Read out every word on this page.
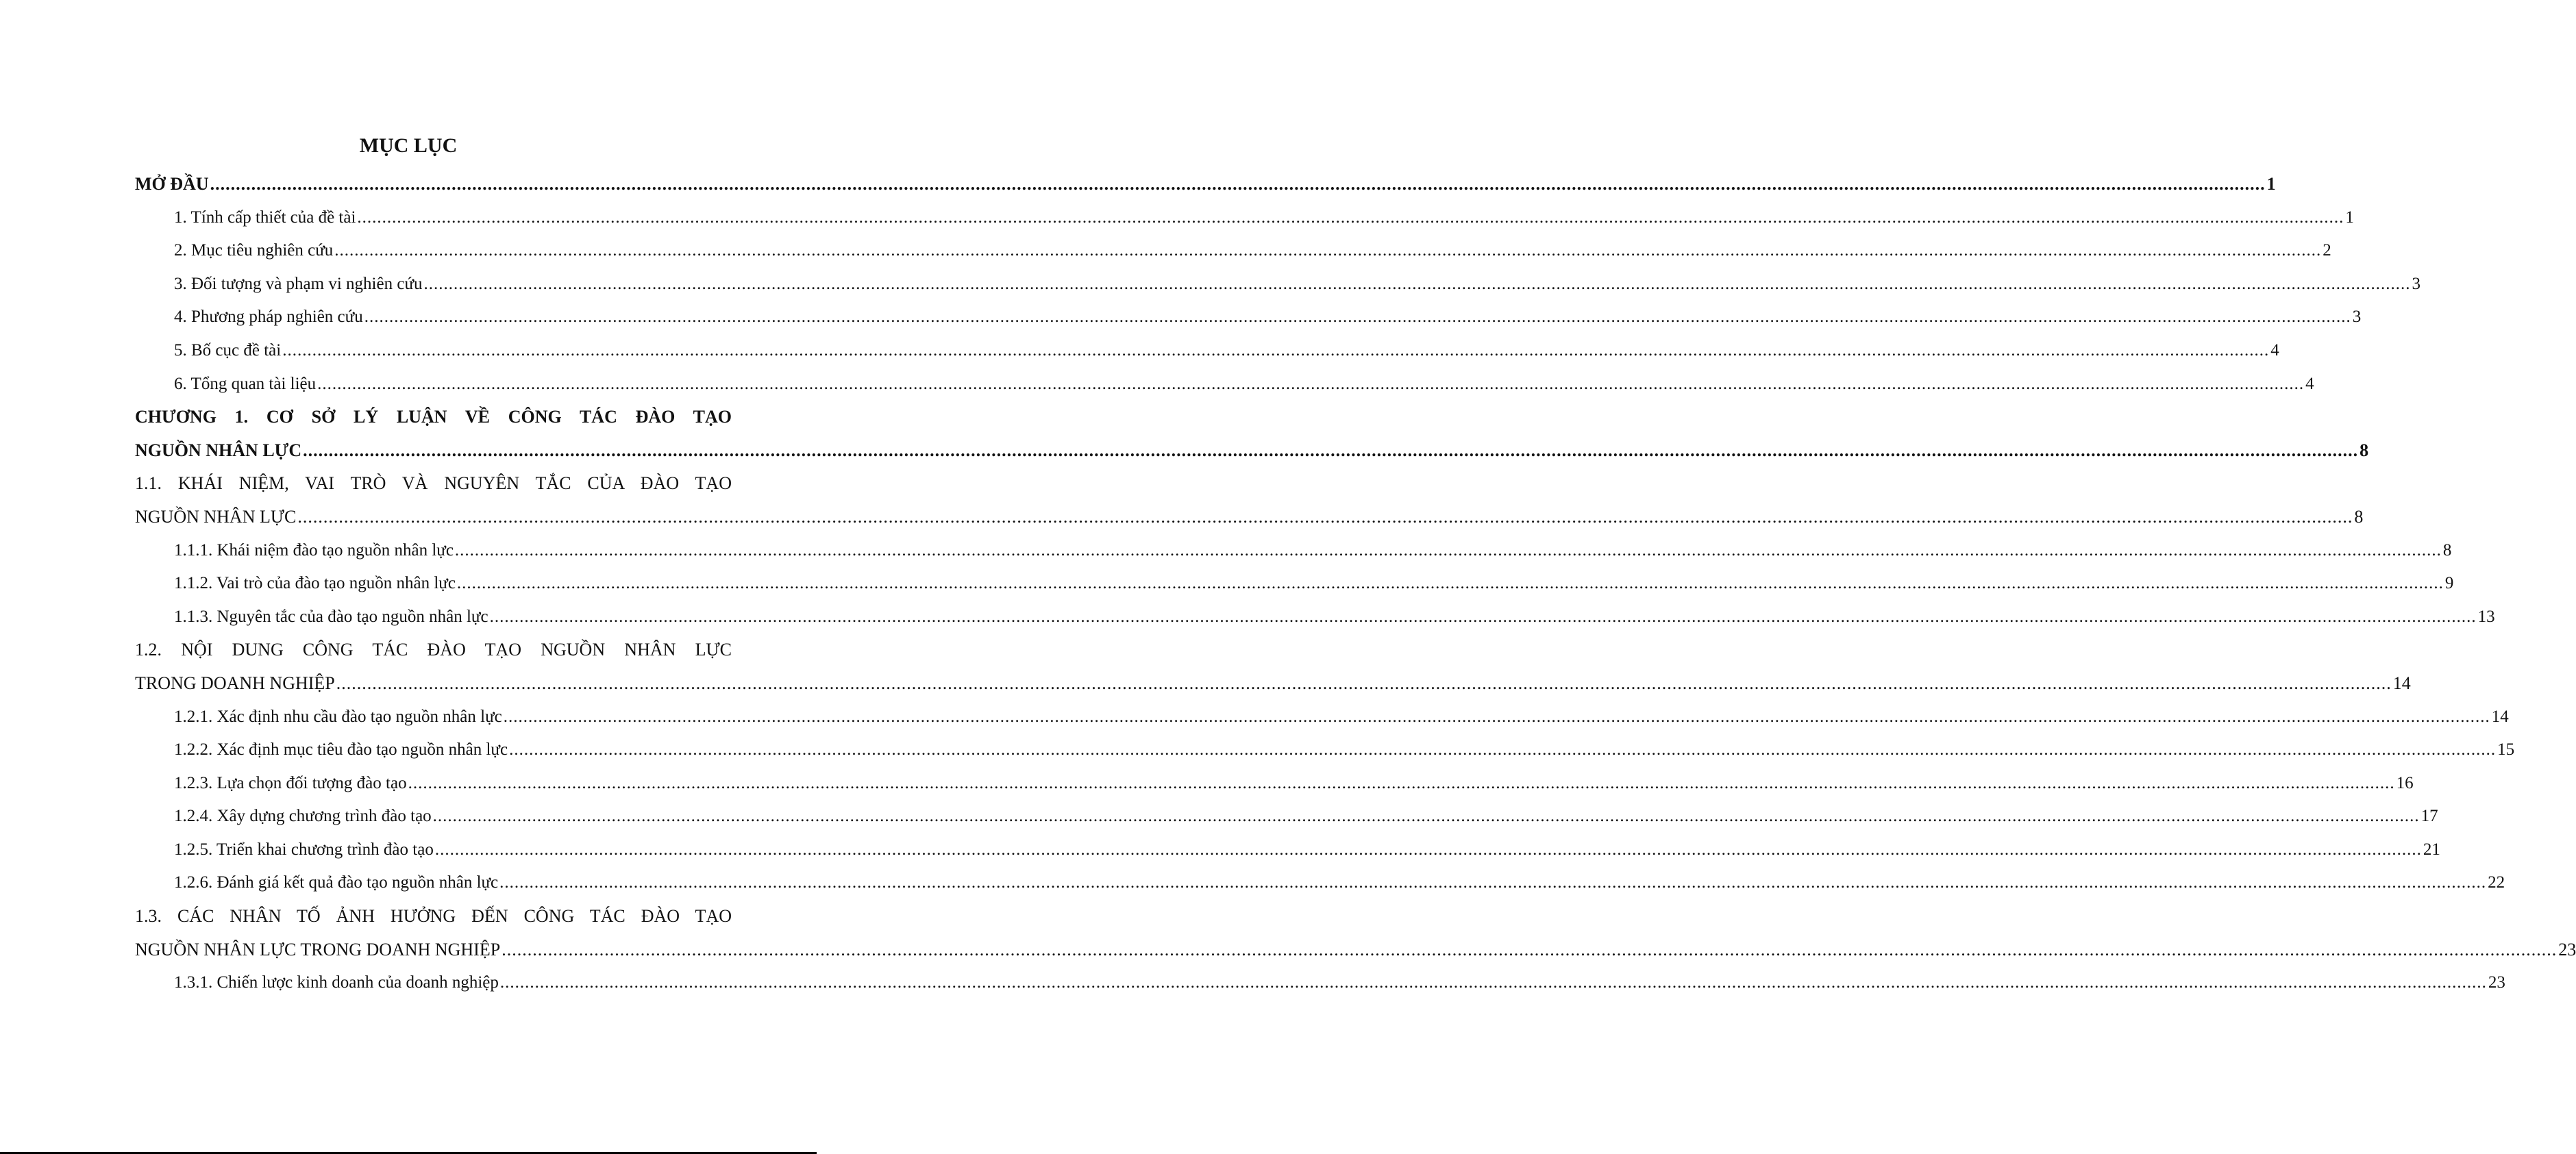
MỤC LỤC
MỞ ĐẦU ................................................................................................................................................................................................................................................................................................................................................................................................................ 1
1. Tính cấp thiết của đề tài ................................................................................................................................................................................................................................................................................................................................................................................................................ 1
2. Mục tiêu nghiên cứu ................................................................................................................................................................................................................................................................................................................................................................................................................ 2
3. Đối tượng và phạm vi nghiên cứu ................................................................................................................................................................................................................................................................................................................................................................................................................ 3
4. Phương pháp nghiên cứu ................................................................................................................................................................................................................................................................................................................................................................................................................ 3
5. Bố cục đề tài ................................................................................................................................................................................................................................................................................................................................................................................................................ 4
6. Tổng quan tài liệu ................................................................................................................................................................................................................................................................................................................................................................................................................ 4
CHƯƠNG 1. CƠ SỞ LÝ LUẬN VỀ CÔNG TÁC ĐÀO TẠO
NGUỒN NHÂN LỰC ................................................................................................................................................................................................................................................................................................................................................................................................................ 8
1.1. KHÁI NIỆM, VAI TRÒ VÀ NGUYÊN TẮC CỦA ĐÀO TẠO
NGUỒN NHÂN LỰC ................................................................................................................................................................................................................................................................................................................................................................................................................ 8
1.1.1. Khái niệm đào tạo nguồn nhân lực ................................................................................................................................................................................................................................................................................................................................................................................................................ 8
1.1.2. Vai trò của đào tạo nguồn nhân lực ................................................................................................................................................................................................................................................................................................................................................................................................................ 9
1.1.3. Nguyên tắc của đào tạo nguồn nhân lực ................................................................................................................................................................................................................................................................................................................................................................................................................ 13
1.2. NỘI DUNG CÔNG TÁC ĐÀO TẠO NGUỒN NHÂN LỰC
TRONG DOANH NGHIỆP ................................................................................................................................................................................................................................................................................................................................................................................................................ 14
1.2.1. Xác định nhu cầu đào tạo nguồn nhân lực ................................................................................................................................................................................................................................................................................................................................................................................................................ 14
1.2.2. Xác định mục tiêu đào tạo nguồn nhân lực ................................................................................................................................................................................................................................................................................................................................................................................................................ 15
1.2.3. Lựa chọn đối tượng đào tạo ................................................................................................................................................................................................................................................................................................................................................................................................................ 16
1.2.4. Xây dựng chương trình đào tạo ................................................................................................................................................................................................................................................................................................................................................................................................................ 17
1.2.5. Triển khai chương trình đào tạo ................................................................................................................................................................................................................................................................................................................................................................................................................ 21
1.2.6. Đánh giá kết quả đào tạo nguồn nhân lực ................................................................................................................................................................................................................................................................................................................................................................................................................ 22
1.3. CÁC NHÂN TỐ ẢNH HƯỞNG ĐẾN CÔNG TÁC ĐÀO TẠO
NGUỒN NHÂN LỰC TRONG DOANH NGHIỆP ................................................................................................................................................................................................................................................................................................................................................................................................................ 23
1.3.1. Chiến lược kinh doanh của doanh nghiệp ................................................................................................................................................................................................................................................................................................................................................................................................................ 23
